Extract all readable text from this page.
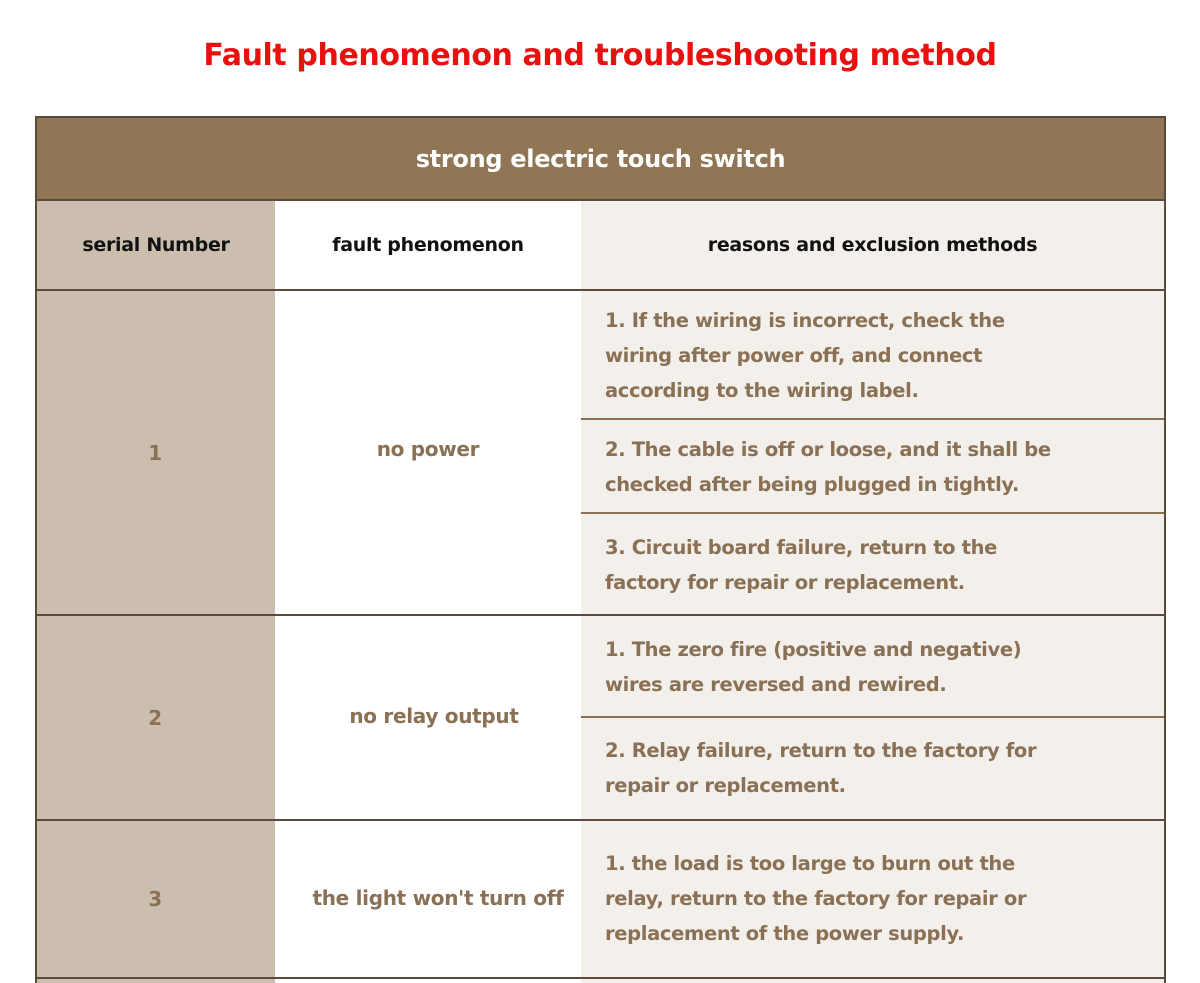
Fault phenomenon and troubleshooting method
strong electric touch switch
serial Number	fault phenomenon	reasons and exclusion methods
1	no power
1. If the wiring is incorrect, check the wiring after power off, and connect according to the wiring label.
2. The cable is off or loose, and it shall be checked after being plugged in tightly.
3. Circuit board failure, return to the factory for repair or replacement.
2	no relay output
1. The zero fire (positive and negative) wires are reversed and rewired.
2. Relay failure, return to the factory for repair or replacement.
3	the light won't turn off
1. the load is too large to burn out the relay, return to the factory for repair or replacement of the power supply.
